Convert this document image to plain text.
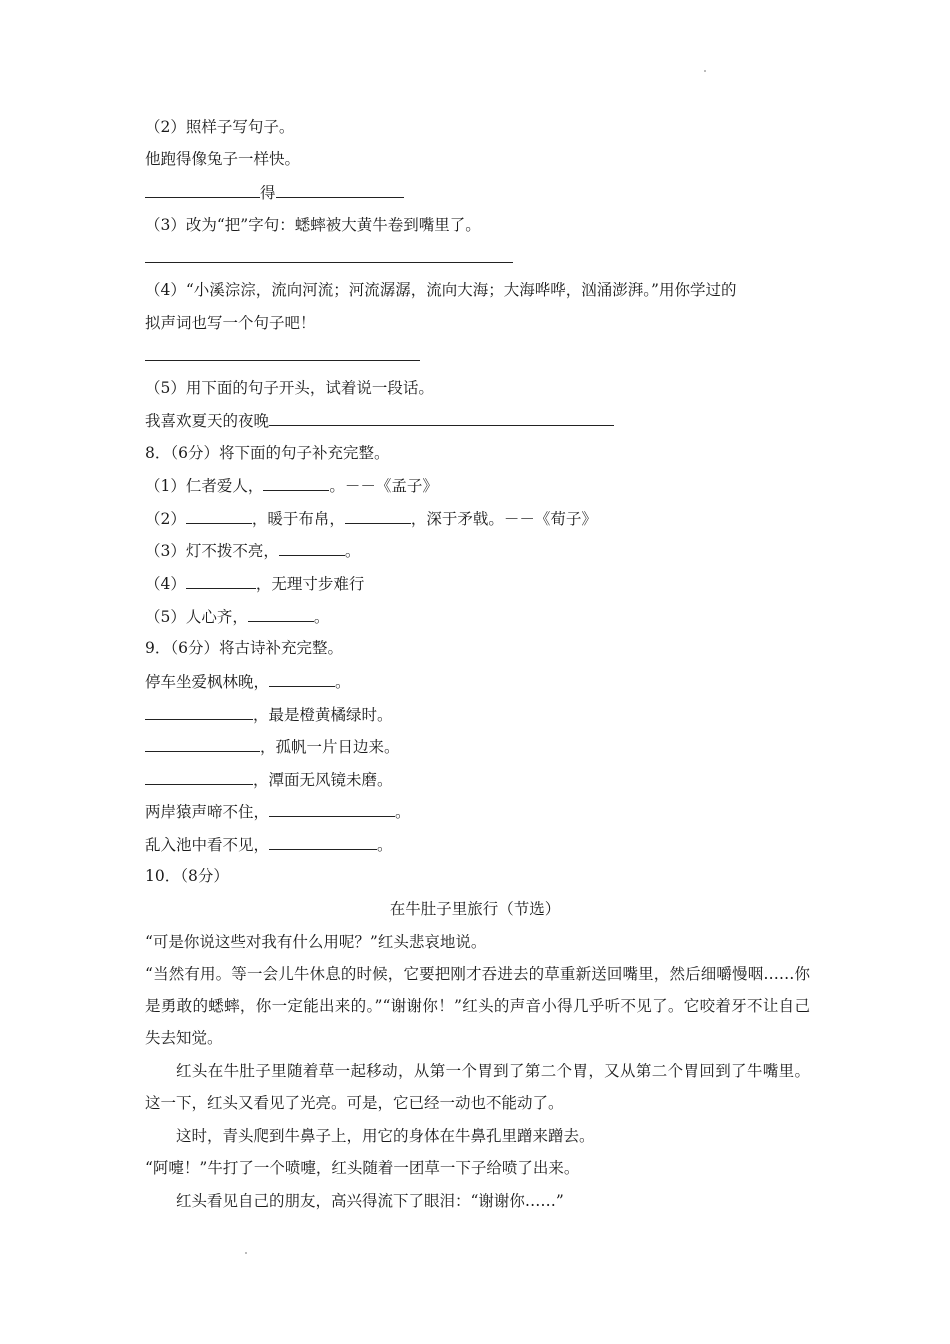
（2）照样子写句子。
他跑得像兔子一样快。
得
（3）改为“把”字句：蟋蟀被大黄牛卷到嘴里了。
（4）“小溪淙淙，流向河流；河流潺潺，流向大海；大海哗哗，汹涌澎湃。”用你学过的
拟声词也写一个句子吧！
（5）用下面的句子开头，试着说一段话。
我喜欢夏天的夜晚
8．（6分）将下面的句子补充完整。
（1）仁者爱人，	。－－《孟子》
（2）	，暖于布帛，	，深于矛戟。－－《荀子》
（3）灯不拨不亮，	。
（4）	，无理寸步难行
（5）人心齐，	。
9．（6分）将古诗补充完整。
停车坐爱枫林晚，	。
，最是橙黄橘绿时。
，孤帆一片日边来。
，潭面无风镜未磨。
两岸猿声啼不住，	。
乱入池中看不见，	。
10．（8分）
在牛肚子里旅行（节选）
“可是你说这些对我有什么用呢？”红头悲哀地说。
“当然有用。等一会儿牛休息的时候，它要把刚才吞进去的草重新送回嘴里，然后细嚼慢咽……你是勇敢的蟋蟀，你一定能出来的。”“谢谢你！”红头的声音小得几乎听不见了。它咬着牙不让自己失去知觉。
红头在牛肚子里随着草一起移动，从第一个胃到了第二个胃，又从第二个胃回到了牛嘴里。这一下，红头又看见了光亮。可是，它已经一动也不能动了。
这时，青头爬到牛鼻子上，用它的身体在牛鼻孔里蹭来蹭去。
“阿嚏！”牛打了一个喷嚏，红头随着一团草一下子给喷了出来。
红头看见自己的朋友，高兴得流下了眼泪：“谢谢你……”
